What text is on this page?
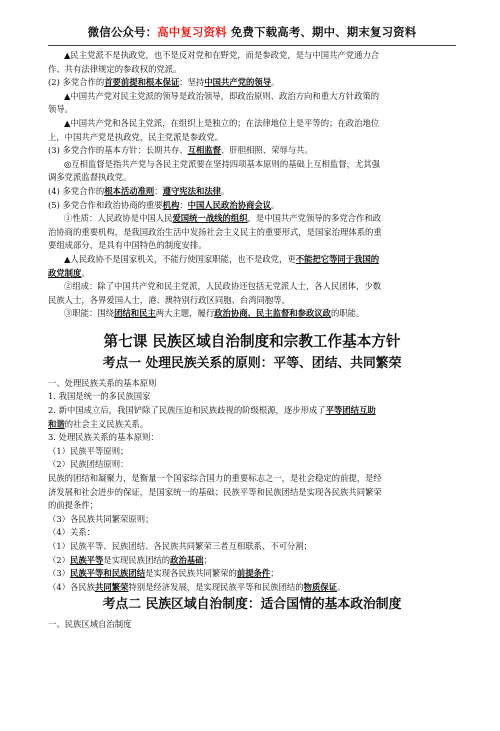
微信公众号：高中复习资料 免费下载高考、期中、期末复习资料
▲民主党派不是执政党，也不是反对党和在野党，而是参政党，是与中国共产党通力合
作、共有法律规定的参政权的党派。
(2) 多党合作的首要前提和根本保证：坚持中国共产党的领导。
▲中国共产党对民主党派的领导是政治领导，即政治原则、政治方向和重大方针政策的
领导。
▲中国共产党和各民主党派，在组织上是独立的；在法律地位上是平等的；在政治地位
上，中国共产党是执政党，民主党派是参政党。
(3) 多党合作的基本方针：长期共存、互相监督、肝胆相照、荣辱与共。
◎互相监督是指共产党与各民主党派要在坚持四项基本原则的基础上互相监督，尤其强
调多党派监督执政党。
(4) 多党合作的根本活动准则：遵守宪法和法律。
(5) 多党合作和政治协商的重要机构：中国人民政治协商会议。
①性质：人民政协是中国人民爱国统一战线的组织，是中国共产党领导的多党合作和政
治协商的重要机构，是我国政治生活中发扬社会主义民主的重要形式，是国家治理体系的重
要组成部分，是具有中国特色的制度安排。
▲人民政协不是国家机关，不能行使国家职能，也不是政党，更不能把它等同于我国的
政党制度。
②组成：除了中国共产党和民主党派，人民政协还包括无党派人士，各人民团体，少数
民族人士，各界爱国人士，港、澳特别行政区同胞、台湾同胞等。
③职能：围绕团结和民主两大主题，履行政治协商、民主监督和参政议政的职能。
第七课 民族区域自治制度和宗教工作基本方针
考点一 处理民族关系的原则：平等、团结、共同繁荣
一、处理民族关系的基本原则
1. 我国是统一的多民族国家
2. 新中国成立后，我国铲除了民族压迫和民族歧视的阶级根源，逐步形成了平等团结互助
和谐的社会主义民族关系。
3. 处理民族关系的基本原则：
（1）民族平等原则；
（2）民族团结原则：
民族的团结和凝聚力，是衡量一个国家综合国力的重要标志之一，是社会稳定的前提，是经
济发展和社会进步的保证，是国家统一的基础；民族平等和民族团结是实现各民族共同繁荣
的前提条件；
（3）各民族共同繁荣原则；
（4）关系：
（1）民族平等、民族团结、各民族共同繁荣三者互相联系、不可分割；
（2）民族平等是实现民族团结的政治基础；
（3）民族平等和民族团结是实现各民族共同繁荣的前提条件；
（4）各民族共同繁荣特别是经济发展，是实现民族平等和民族团结的物质保证。
考点二 民族区域自治制度：适合国情的基本政治制度
一、民族区域自治制度
